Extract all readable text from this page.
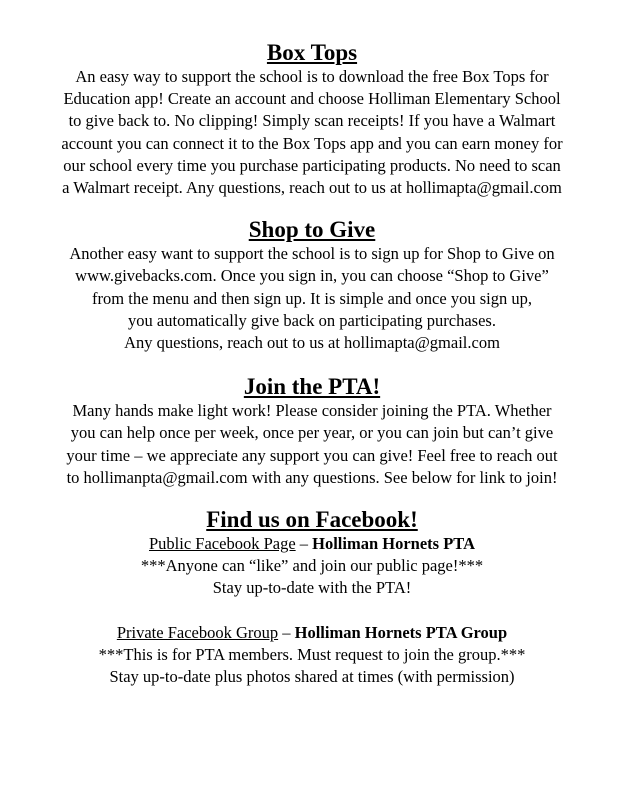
Box Tops
An easy way to support the school is to download the free Box Tops for
Education app! Create an account and choose Holliman Elementary School
to give back to. No clipping! Simply scan receipts! If you have a Walmart
account you can connect it to the Box Tops app and you can earn money for
our school every time you purchase participating products. No need to scan
a Walmart receipt. Any questions, reach out to us at hollimapta@gmail.com
Shop to Give
Another easy want to support the school is to sign up for Shop to Give on
www.givebacks.com. Once you sign in, you can choose “Shop to Give”
from the menu and then sign up. It is simple and once you sign up,
you automatically give back on participating purchases.
Any questions, reach out to us at hollimapta@gmail.com
Join the PTA!
Many hands make light work! Please consider joining the PTA. Whether
you can help once per week, once per year, or you can join but can’t give
your time – we appreciate any support you can give! Feel free to reach out
to hollimanpta@gmail.com with any questions. See below for link to join!
Find us on Facebook!
Public Facebook Page – Holliman Hornets PTA
***Anyone can “like” and join our public page!***
Stay up-to-date with the PTA!
Private Facebook Group – Holliman Hornets PTA Group
***This is for PTA members. Must request to join the group.***
Stay up-to-date plus photos shared at times (with permission)
